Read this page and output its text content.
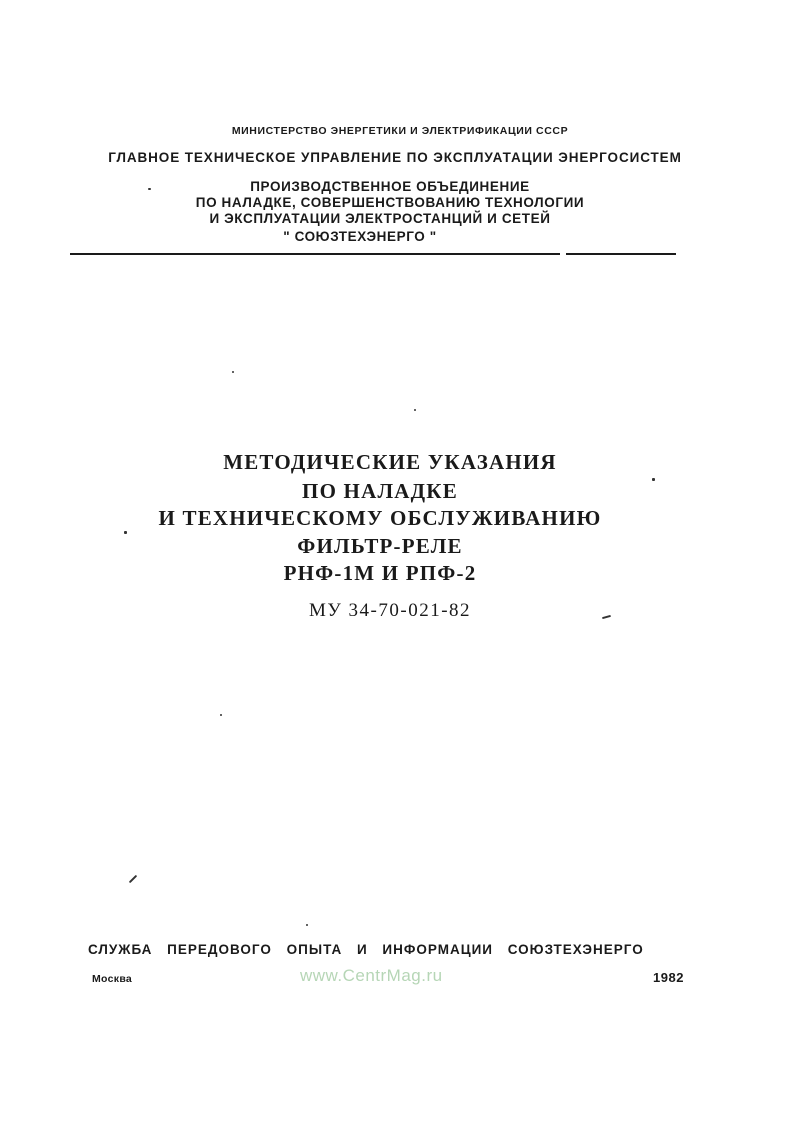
МИНИСТЕРСТВО ЭНЕРГЕТИКИ И ЭЛЕКТРИФИКАЦИИ СССР
ГЛАВНОЕ ТЕХНИЧЕСКОЕ УПРАВЛЕНИЕ ПО ЭКСПЛУАТАЦИИ ЭНЕРГОСИСТЕМ
ПРОИЗВОДСТВЕННОЕ ОБЪЕДИНЕНИЕ
ПО НАЛАДКЕ, СОВЕРШЕНСТВОВАНИЮ ТЕХНОЛОГИИ
И ЭКСПЛУАТАЦИИ ЭЛЕКТРОСТАНЦИЙ И СЕТЕЙ
" СОЮЗТЕХЭНЕРГО "
МЕТОДИЧЕСКИЕ УКАЗАНИЯ
ПО НАЛАДКЕ
И ТЕХНИЧЕСКОМУ ОБСЛУЖИВАНИЮ
ФИЛЬТР-РЕЛЕ
РНФ-1М И РПФ-2
МУ 34-70-021-82
СЛУЖБА ПЕРЕДОВОГО ОПЫТА И ИНФОРМАЦИИ СОЮЗТЕХЭНЕРГО
Москва	www.CentrMag.ru	1982
